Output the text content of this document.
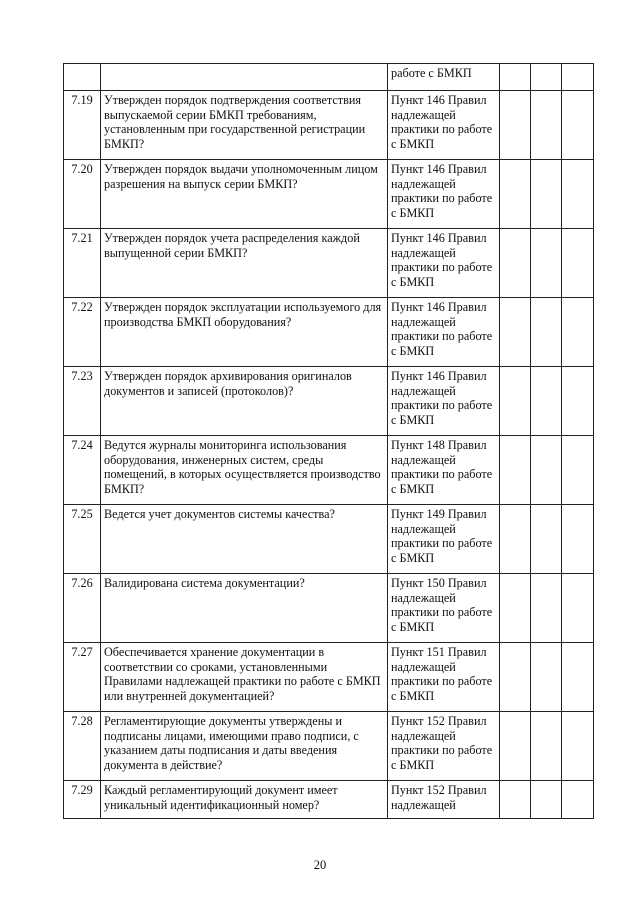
		работе с БМКП			
7.19	Утвержден порядок подтверждения соответствия выпускаемой серии БМКП требованиям, установленным при государственной регистрации БМКП?	Пункт 146 Правил надлежащей практики по работе с БМКП			
7.20	Утвержден порядок выдачи уполномоченным лицом разрешения на выпуск серии БМКП?	Пункт 146 Правил надлежащей практики по работе с БМКП			
7.21	Утвержден порядок учета распределения каждой выпущенной серии БМКП?	Пункт 146 Правил надлежащей практики по работе с БМКП			
7.22	Утвержден порядок эксплуатации используемого для производства БМКП оборудования?	Пункт 146 Правил надлежащей практики по работе с БМКП			
7.23	Утвержден порядок архивирования оригиналов документов и записей (протоколов)?	Пункт 146 Правил надлежащей практики по работе с БМКП			
7.24	Ведутся журналы мониторинга использования оборудования, инженерных систем, среды помещений, в которых осуществляется производство БМКП?	Пункт 148 Правил надлежащей практики по работе с БМКП			
7.25	Ведется учет документов системы качества?	Пункт 149 Правил надлежащей практики по работе с БМКП			
7.26	Валидирована система документации?	Пункт 150 Правил надлежащей практики по работе с БМКП			
7.27	Обеспечивается хранение документации в соответствии со сроками, установленными Правилами надлежащей практики по работе с БМКП или внутренней документацией?	Пункт 151 Правил надлежащей практики по работе с БМКП			
7.28	Регламентирующие документы утверждены и подписаны лицами, имеющими право подписи, с указанием даты подписания и даты введения документа в действие?	Пункт 152 Правил надлежащей практики по работе с БМКП			
7.29	Каждый регламентирующий документ имеет уникальный идентификационный номер?	Пункт 152 Правил надлежащей			
20
